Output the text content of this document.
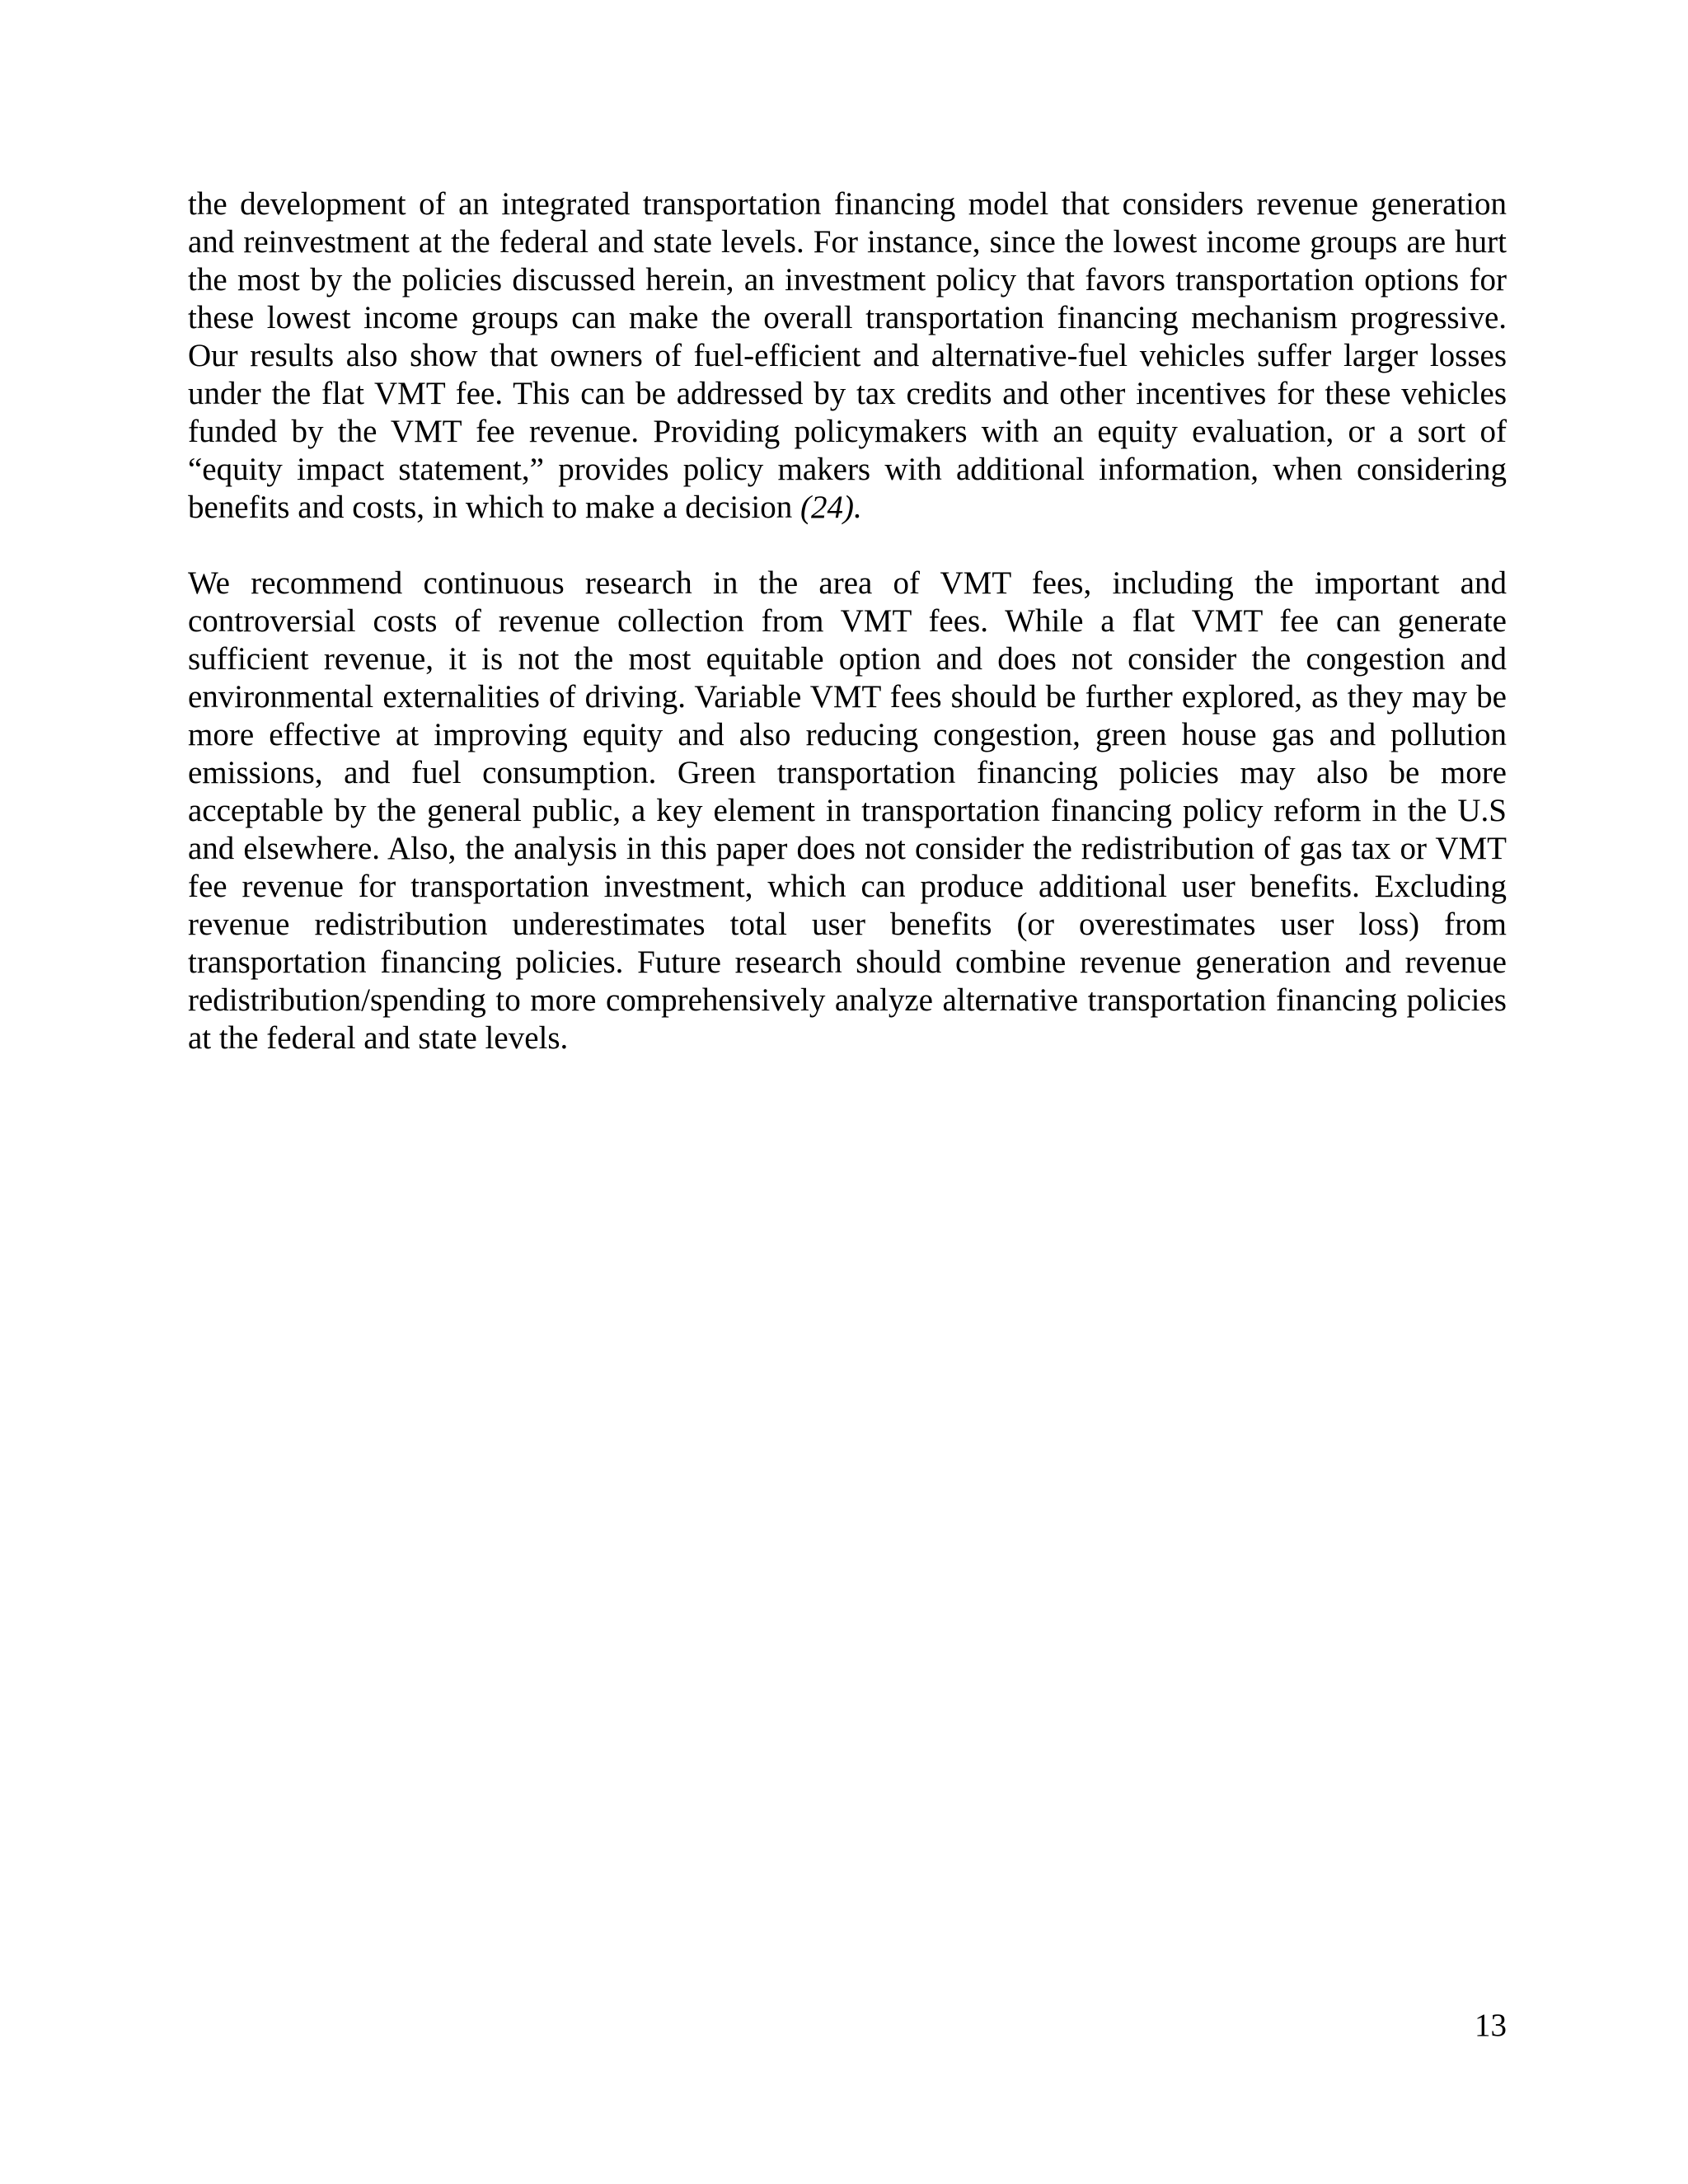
the development of an integrated transportation financing model that considers revenue generation and reinvestment at the federal and state levels. For instance, since the lowest income groups are hurt the most by the policies discussed herein, an investment policy that favors transportation options for these lowest income groups can make the overall transportation financing mechanism progressive. Our results also show that owners of fuel-efficient and alternative-fuel vehicles suffer larger losses under the flat VMT fee. This can be addressed by tax credits and other incentives for these vehicles funded by the VMT fee revenue. Providing policymakers with an equity evaluation, or a sort of “equity impact statement,” provides policy makers with additional information, when considering benefits and costs, in which to make a decision (24).

We recommend continuous research in the area of VMT fees, including the important and controversial costs of revenue collection from VMT fees. While a flat VMT fee can generate sufficient revenue, it is not the most equitable option and does not consider the congestion and environmental externalities of driving. Variable VMT fees should be further explored, as they may be more effective at improving equity and also reducing congestion, green house gas and pollution emissions, and fuel consumption. Green transportation financing policies may also be more acceptable by the general public, a key element in transportation financing policy reform in the U.S and elsewhere. Also, the analysis in this paper does not consider the redistribution of gas tax or VMT fee revenue for transportation investment, which can produce additional user benefits. Excluding revenue redistribution underestimates total user benefits (or overestimates user loss) from transportation financing policies. Future research should combine revenue generation and revenue redistribution/spending to more comprehensively analyze alternative transportation financing policies at the federal and state levels.

13
